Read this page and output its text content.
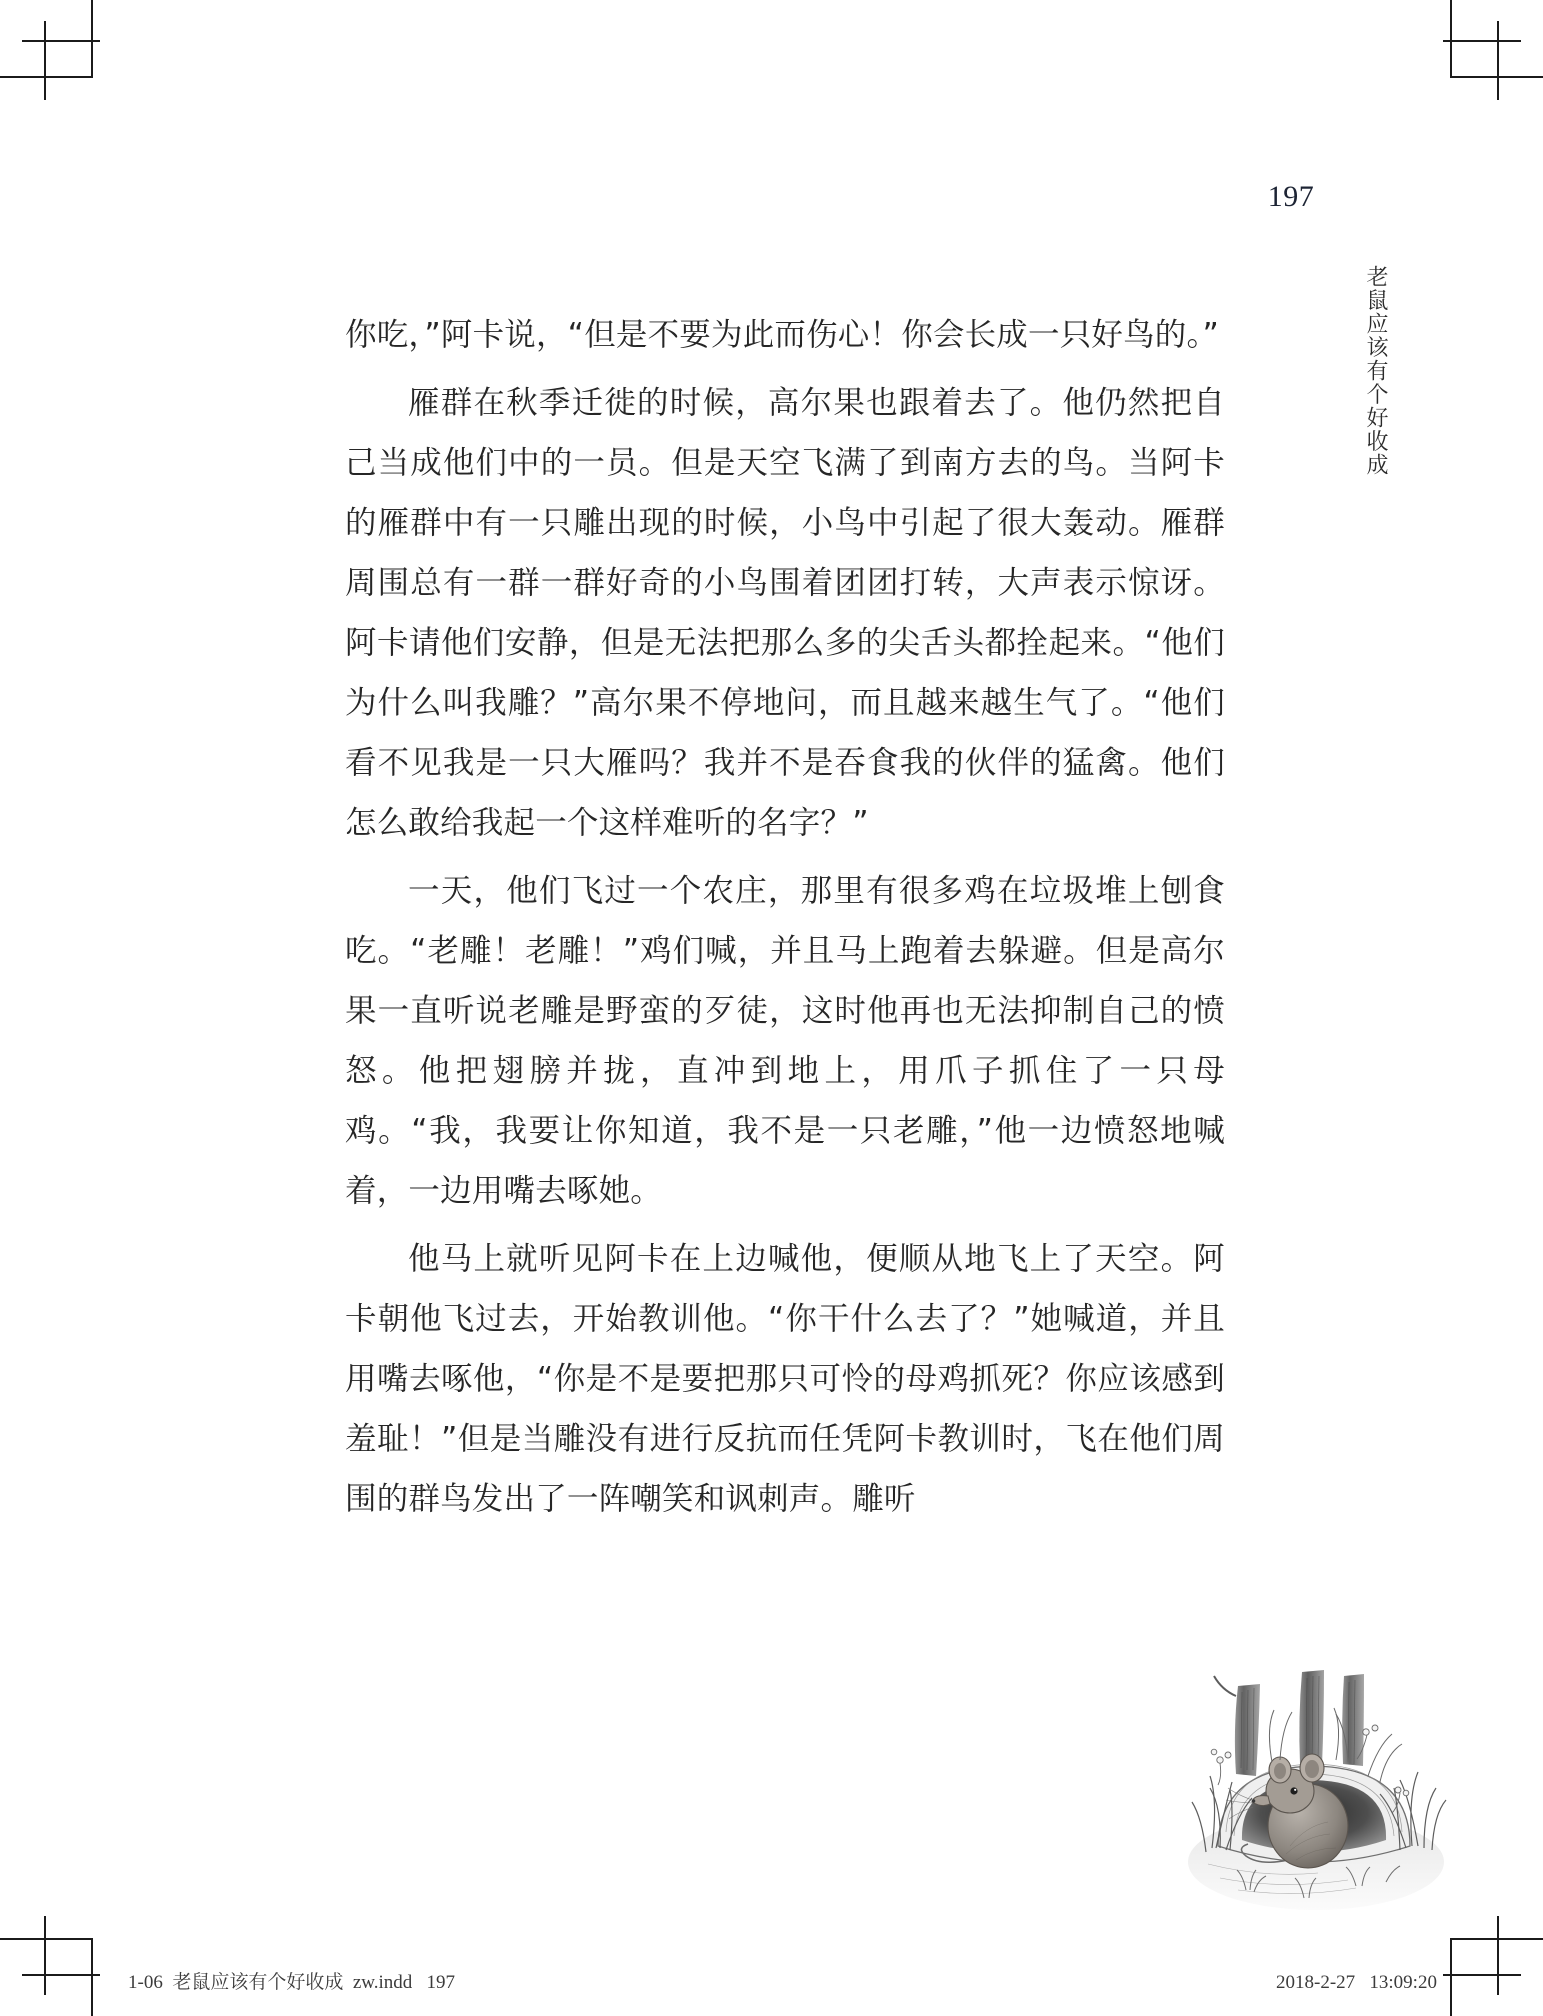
197
老鼠应该有个好收成

你吃，”阿卡说，“但是不要为此而伤心！你会长成一只好鸟的。”

雁群在秋季迁徙的时候，高尔果也跟着去了。他仍然把自己当成他们中的一员。但是天空飞满了到南方去的鸟。当阿卡的雁群中有一只雕出现的时候，小鸟中引起了很大轰动。雁群周围总有一群一群好奇的小鸟围着团团打转，大声表示惊讶。阿卡请他们安静，但是无法把那么多的尖舌头都拴起来。“他们为什么叫我雕？”高尔果不停地问，而且越来越生气了。“他们看不见我是一只大雁吗？我并不是吞食我的伙伴的猛禽。他们怎么敢给我起一个这样难听的名字？”

一天，他们飞过一个农庄，那里有很多鸡在垃圾堆上刨食吃。“老雕！老雕！”鸡们喊，并且马上跑着去躲避。但是高尔果一直听说老雕是野蛮的歹徒，这时他再也无法抑制自己的愤怒。他把翅膀并拢，直冲到地上，用爪子抓住了一只母鸡。“我，我要让你知道，我不是一只老雕，”他一边愤怒地喊着，一边用嘴去啄她。

他马上就听见阿卡在上边喊他，便顺从地飞上了天空。阿卡朝他飞过去，开始教训他。“你干什么去了？”她喊道，并且用嘴去啄他，“你是不是要把那只可怜的母鸡抓死？你应该感到羞耻！”但是当雕没有进行反抗而任凭阿卡教训时，飞在他们周围的群鸟发出了一阵嘲笑和讽刺声。雕听

1-06 老鼠应该有个好收成 zw.indd 197	2018-2-27 13:09:20
